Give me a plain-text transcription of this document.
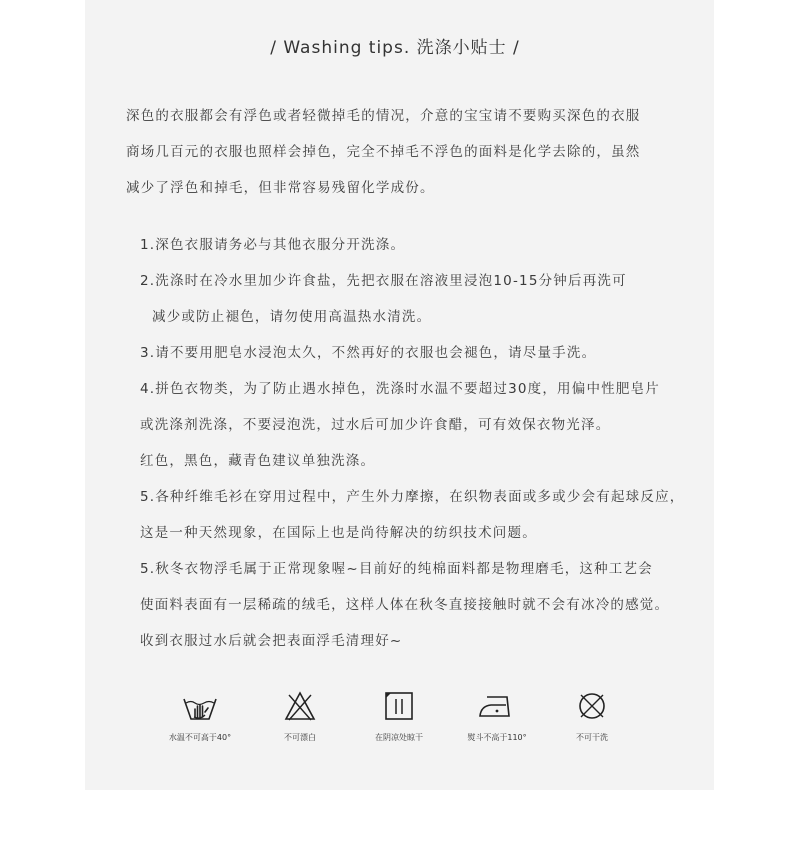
/ Washing tips. 洗涤小贴士 /

深色的衣服都会有浮色或者轻微掉毛的情况，介意的宝宝请不要购买深色的衣服

商场几百元的衣服也照样会掉色，完全不掉毛不浮色的面料是化学去除的，虽然

减少了浮色和掉毛，但非常容易残留化学成份。

1.深色衣服请务必与其他衣服分开洗涤。

2.洗涤时在冷水里加少许食盐，先把衣服在溶液里浸泡10-15分钟后再洗可

减少或防止褪色，请勿使用高温热水清洗。

3.请不要用肥皂水浸泡太久，不然再好的衣服也会褪色，请尽量手洗。

4.拼色衣物类，为了防止遇水掉色，洗涤时水温不要超过30度，用偏中性肥皂片

或洗涤剂洗涤，不要浸泡洗，过水后可加少许食醋，可有效保衣物光泽。

红色，黑色，藏青色建议单独洗涤。

5.各种纤维毛衫在穿用过程中，产生外力摩擦，在织物表面或多或少会有起球反应，

这是一种天然现象，在国际上也是尚待解决的纺织技术问题。

5.秋冬衣物浮毛属于正常现象喔~目前好的纯棉面料都是物理磨毛，这种工艺会

使面料表面有一层稀疏的绒毛，这样人体在秋冬直接接触时就不会有冰冷的感觉。

收到衣服过水后就会把表面浮毛清理好~

水温不可高于40°	不可漂白	在阴凉处晾干	熨斗不高于110°	不可干洗
